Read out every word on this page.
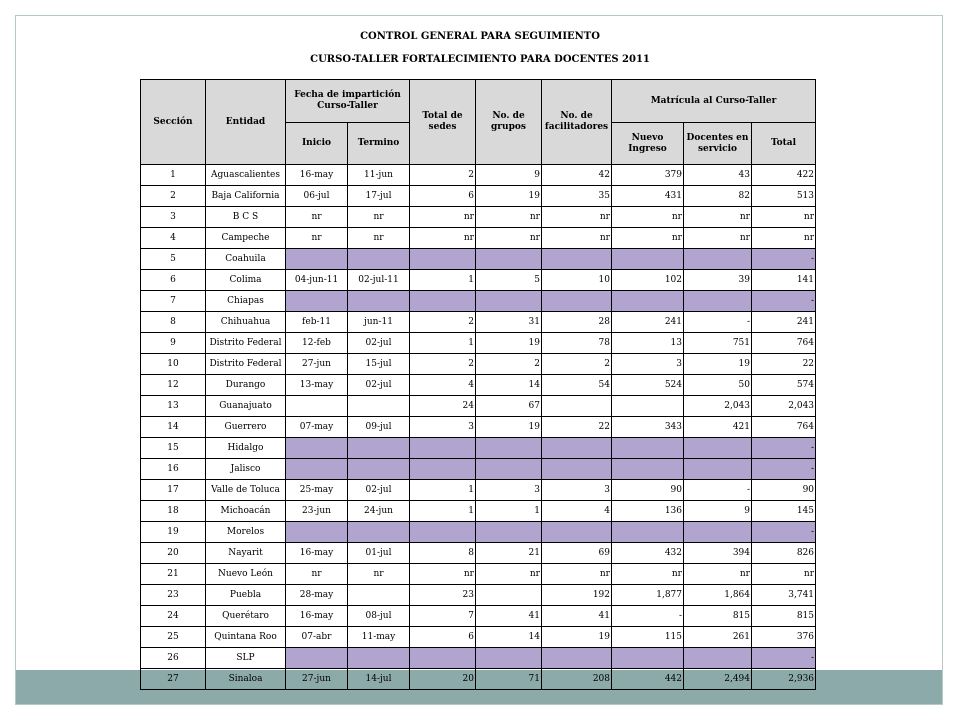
CONTROL GENERAL PARA SEGUIMIENTO
CURSO-TALLER FORTALECIMIENTO PARA DOCENTES 2011
Sección	Entidad	Fecha de impartición Curso-Taller		Total de sedes	No. de grupos	No. de facilitadores	Matrícula al Curso-Taller		
		Inicio	Termino				Nuevo Ingreso	Docentes en servicio	Total
1	Aguascalientes	16-may	11-jun	2	9	42	379	43	422
2	Baja California	06-jul	17-jul	6	19	35	431	82	513
3	B C S	nr	nr	nr	nr	nr	nr	nr	nr
4	Campeche	nr	nr	nr	nr	nr	nr	nr	nr
5	Coahuila								-
6	Colima	04-jun-11	02-jul-11	1	5	10	102	39	141
7	Chiapas								-
8	Chihuahua	feb-11	jun-11	2	31	28	241	-	241
9	Distrito Federal	12-feb	02-jul	1	19	78	13	751	764
10	Distrito Federal	27-jun	15-jul	2	2	2	3	19	22
12	Durango	13-may	02-jul	4	14	54	524	50	574
13	Guanajuato			24	67			2,043	2,043
14	Guerrero	07-may	09-jul	3	19	22	343	421	764
15	Hidalgo								-
16	Jalisco								-
17	Valle de Toluca	25-may	02-jul	1	3	3	90	-	90
18	Michoacán	23-jun	24-jun	1	1	4	136	9	145
19	Morelos								-
20	Nayarit	16-may	01-jul	8	21	69	432	394	826
21	Nuevo León	nr	nr	nr	nr	nr	nr	nr	nr
23	Puebla	28-may		23		192	1,877	1,864	3,741
24	Querétaro	16-may	08-jul	7	41	41	-	815	815
25	Quintana Roo	07-abr	11-may	6	14	19	115	261	376
26	SLP								-
27	Sinaloa	27-jun	14-jul	20	71	208	442	2,494	2,936
